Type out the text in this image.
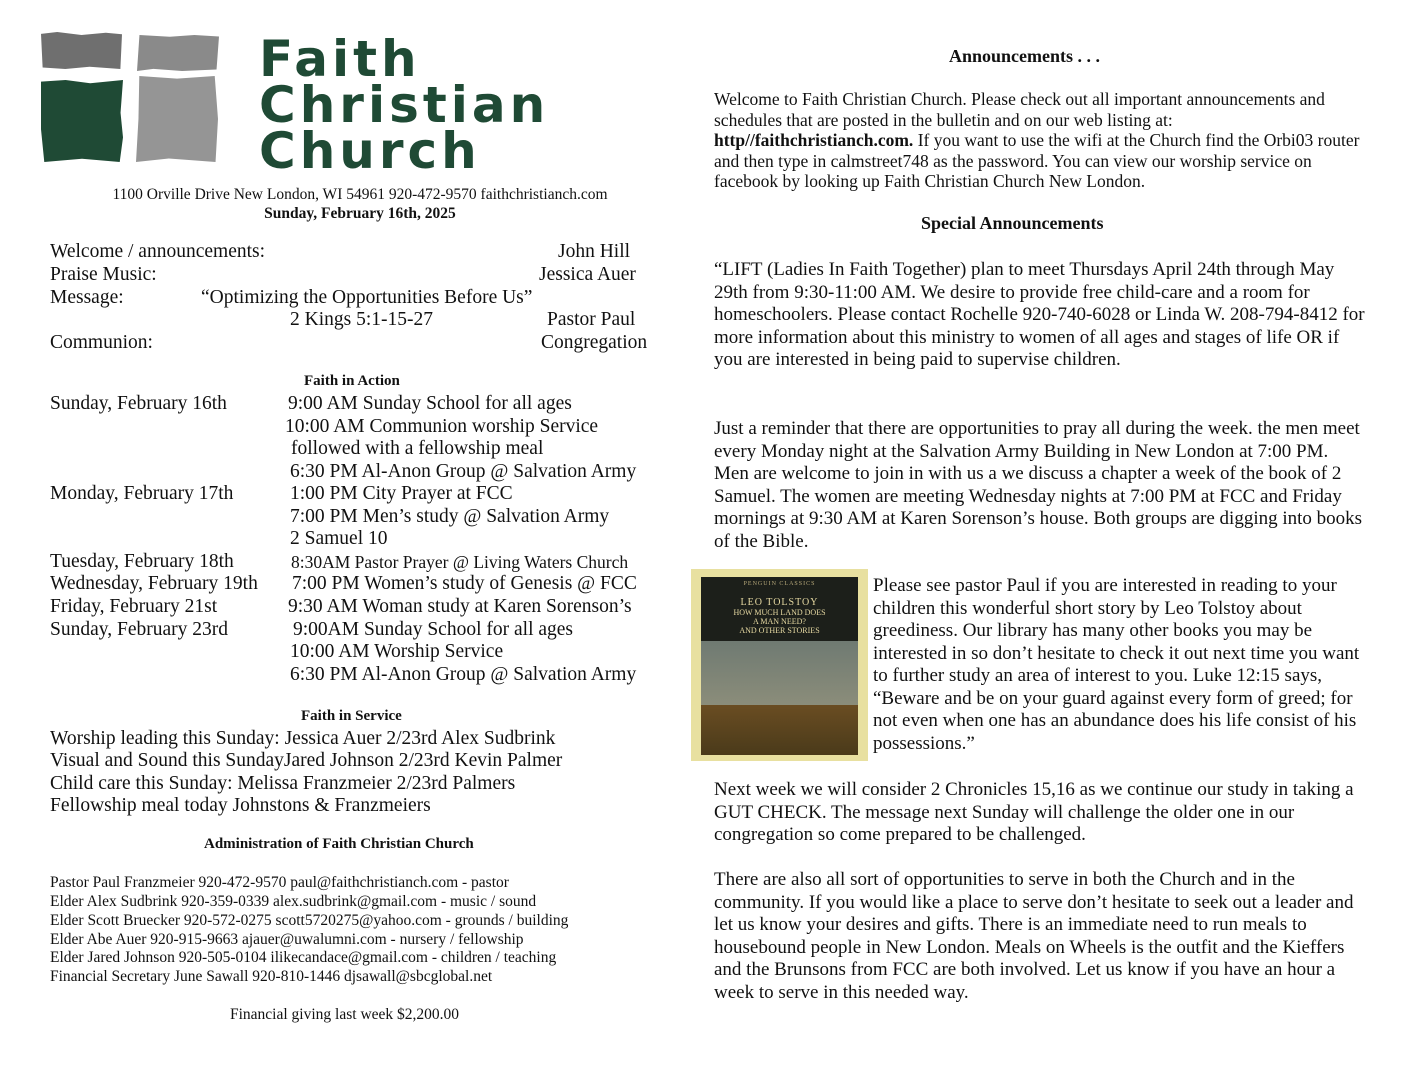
Faith
Christian
Church
1100 Orville Drive New London, WI 54961 920-472-9570 faithchristianch.com
Sunday, February 16th, 2025
Welcome / announcements:	John Hill
Praise Music:	Jessica Auer
Message:	“Optimizing the Opportunities Before Us”
2 Kings 5:1-15-27	Pastor Paul
Communion:	Congregation
Faith in Action
Sunday, February 16th	9:00 AM Sunday School for all ages
10:00 AM Communion worship Service
followed with a fellowship meal
6:30 PM Al-Anon Group @ Salvation Army
Monday, February 17th	1:00 PM City Prayer at FCC
7:00 PM Men’s study @ Salvation Army
2 Samuel 10
Tuesday, February 18th	8:30AM Pastor Prayer @ Living Waters Church
Wednesday, February 19th 7:00 PM Women’s study of Genesis @ FCC
Friday, February 21st	9:30 AM Woman study at Karen Sorenson’s
Sunday, February 23rd	9:00AM Sunday School for all ages
10:00 AM Worship Service
6:30 PM Al-Anon Group @ Salvation Army
Faith in Service
Worship leading this Sunday: Jessica Auer 2/23rd Alex Sudbrink
Visual and Sound this SundayJared Johnson 2/23rd Kevin Palmer
Child care this Sunday: Melissa Franzmeier 2/23rd Palmers
Fellowship meal today Johnstons & Franzmeiers
Administration of Faith Christian Church
Pastor Paul Franzmeier 920-472-9570 paul@faithchristianch.com - pastor
Elder Alex Sudbrink 920-359-0339 alex.sudbrink@gmail.com - music / sound
Elder Scott Bruecker 920-572-0275 scott5720275@yahoo.com - grounds / building
Elder Abe Auer 920-915-9663 ajauer@uwalumni.com - nursery / fellowship
Elder Jared Johnson 920-505-0104 ilikecandace@gmail.com - children / teaching
Financial Secretary June Sawall 920-810-1446 djsawall@sbcglobal.net
Financial giving last week $2,200.00
Announcements . . .
Welcome to Faith Christian Church. Please check out all important announcements and schedules that are posted in the bulletin and on our web listing at: http//faithchristianch.com. If you want to use the wifi at the Church find the Orbi03 router and then type in calmstreet748 as the password. You can view our worship service on facebook by looking up Faith Christian Church New London.
Special Announcements
“LIFT (Ladies In Faith Together) plan to meet Thursdays April 24th through May 29th from 9:30-11:00 AM. We desire to provide free child-care and a room for homeschoolers. Please contact Rochelle 920-740-6028 or Linda W. 208-794-8412 for more information about this ministry to women of all ages and stages of life OR if you are interested in being paid to supervise children.
Just a reminder that there are opportunities to pray all during the week. the men meet every Monday night at the Salvation Army Building in New London at 7:00 PM. Men are welcome to join in with us a we discuss a chapter a week of the book of 2 Samuel. The women are meeting Wednesday nights at 7:00 PM at FCC and Friday mornings at 9:30 AM at Karen Sorenson’s house. Both groups are digging into books of the Bible.
PENGUIN CLASSICS
LEO TOLSTOY
HOW MUCH LAND DOES
A MAN NEED?
AND OTHER STORIES
Please see pastor Paul if you are interested in reading to your children this wonderful short story by Leo Tolstoy about greediness. Our library has many other books you may be interested in so don’t hesitate to check it out next time you want to further study an area of interest to you. Luke 12:15 says, “Beware and be on your guard against every form of greed; for not even when one has an abundance does his life consist of his possessions.”
Next week we will consider 2 Chronicles 15,16 as we continue our study in taking a GUT CHECK. The message next Sunday will challenge the older one in our congregation so come prepared to be challenged.
There are also all sort of opportunities to serve in both the Church and in the community. If you would like a place to serve don’t hesitate to seek out a leader and let us know your desires and gifts. There is an immediate need to run meals to housebound people in New London. Meals on Wheels is the outfit and the Kieffers and the Brunsons from FCC are both involved. Let us know if you have an hour a week to serve in this needed way.
